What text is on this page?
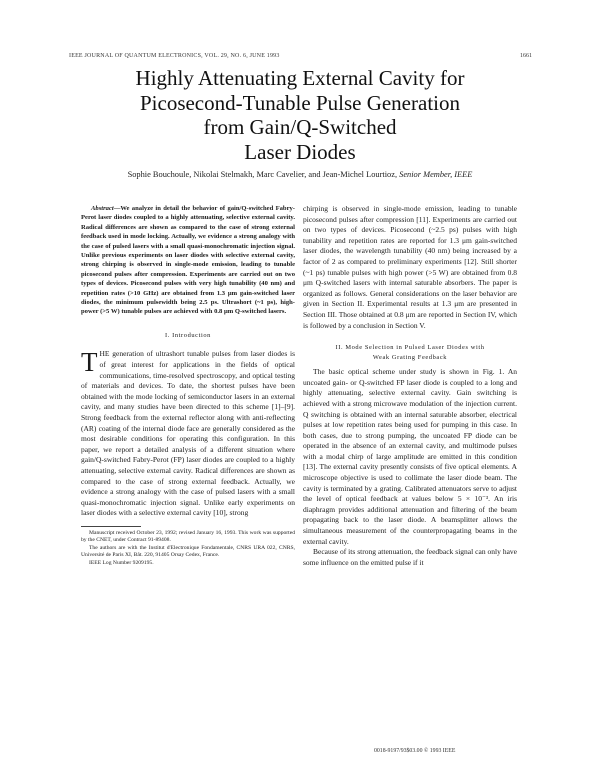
IEEE JOURNAL OF QUANTUM ELECTRONICS, VOL. 29, NO. 6, JUNE 1993	1661
Highly Attenuating External Cavity for
Picosecond-Tunable Pulse Generation
from Gain/Q-Switched
Laser Diodes
Sophie Bouchoule, Nikolai Stelmakh, Marc Cavelier, and Jean-Michel Lourtioz, Senior Member, IEEE

Abstract—We analyze in detail the behavior of gain/Q-switched Fabry-Perot laser diodes coupled to a highly attenuating, selective external cavity. Radical differences are shown as compared to the case of strong external feedback used in mode locking. Actually, we evidence a strong analogy with the case of pulsed lasers with a small quasi-monochromatic injection signal. Unlike previous experiments on laser diodes with selective external cavity, strong chirping is observed in single-mode emission, leading to tunable picosecond pulses after compression. Experiments are carried out on two types of devices. Picosecond pulses with very high tunability (40 nm) and repetition rates (>10 GHz) are obtained from 1.3 μm gain-switched laser diodes, the minimum pulsewidth being 2.5 ps. Ultrashort (~1 ps), high-power (>5 W) tunable pulses are achieved with 0.8 μm Q-switched lasers.

I. Introduction

THE generation of ultrashort tunable pulses from laser diodes is of great interest for applications in the fields of optical communications, time-resolved spectroscopy, and optical testing of materials and devices. To date, the shortest pulses have been obtained with the mode locking of semiconductor lasers in an external cavity, and many studies have been directed to this scheme [1]–[9]. Strong feedback from the external reflector along with anti-reflecting (AR) coating of the internal diode face are generally considered as the most desirable conditions for operating this configuration. In this paper, we report a detailed analysis of a different situation where gain/Q-switched Fabry-Perot (FP) laser diodes are coupled to a highly attenuating, selective external cavity. Radical differences are shown as compared to the case of strong external feedback. Actually, we evidence a strong analogy with the case of pulsed lasers with a small quasi-monochromatic injection signal. Unlike early experiments on laser diodes with a selective external cavity [10], strong

Manuscript received October 23, 1992; revised January 16, 1993. This work was supported by the CNET, under Contract 91-89408.

The authors are with the Institut d'Electronique Fondamentale, CNRS URA 022, CNRS, Université de Paris XI, Bât. 220, 91405 Orsay Cedex, France.

IEEE Log Number 9209195.

chirping is observed in single-mode emission, leading to tunable picosecond pulses after compression [11]. Experiments are carried out on two types of devices. Picosecond (~2.5 ps) pulses with high tunability and repetition rates are reported for 1.3 μm gain-switched laser diodes, the wavelength tunability (40 nm) being increased by a factor of 2 as compared to preliminary experiments [12]. Still shorter (~1 ps) tunable pulses with high power (>5 W) are obtained from 0.8 μm Q-switched lasers with internal saturable absorbers. The paper is organized as follows. General considerations on the laser behavior are given in Section II. Experimental results at 1.3 μm are presented in Section III. Those obtained at 0.8 μm are reported in Section IV, which is followed by a conclusion in Section V.

II. Mode Selection in Pulsed Laser Diodes with
Weak Grating Feedback

The basic optical scheme under study is shown in Fig. 1. An uncoated gain- or Q-switched FP laser diode is coupled to a long and highly attenuating, selective external cavity. Gain switching is achieved with a strong microwave modulation of the injection current. Q switching is obtained with an internal saturable absorber, electrical pulses at low repetition rates being used for pumping in this case. In both cases, due to strong pumping, the uncoated FP diode can be operated in the absence of an external cavity, and multimode pulses with a modal chirp of large amplitude are emitted in this condition [13]. The external cavity presently consists of five optical elements. A microscope objective is used to collimate the laser diode beam. The cavity is terminated by a grating. Calibrated attenuators serve to adjust the level of optical feedback at values below 5 × 10⁻³. An iris diaphragm provides additional attenuation and filtering of the beam propagating back to the laser diode. A beamsplitter allows the simultaneous measurement of the counterpropagating beams in the external cavity.

Because of its strong attenuation, the feedback signal can only have some influence on the emitted pulse if it

0018-9197/93$03.00 © 1993 IEEE
